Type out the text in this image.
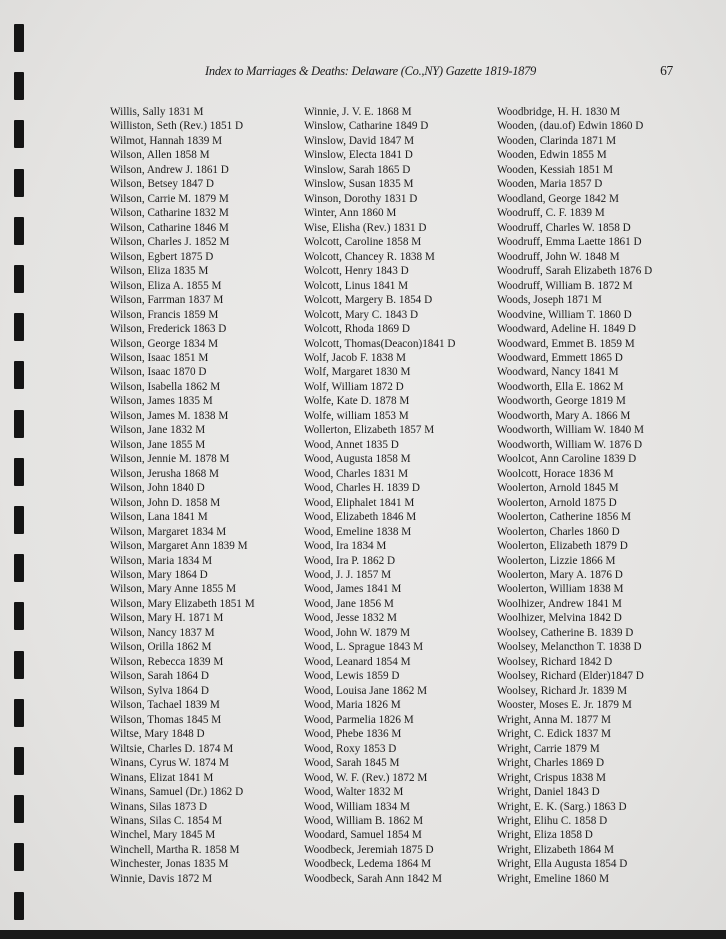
Index to Marriages & Deaths: Delaware (Co.,NY) Gazette 1819-1879	67
Willis, Sally 1831 M
Williston, Seth (Rev.) 1851 D
Wilmot, Hannah 1839 M
Wilson, Allen 1858 M
Wilson, Andrew J. 1861 D
Wilson, Betsey 1847 D
Wilson, Carrie M. 1879 M
Wilson, Catharine 1832 M
Wilson, Catharine 1846 M
Wilson, Charles J. 1852 M
Wilson, Egbert 1875 D
Wilson, Eliza 1835 M
Wilson, Eliza A. 1855 M
Wilson, Farrman 1837 M
Wilson, Francis 1859 M
Wilson, Frederick 1863 D
Wilson, George 1834 M
Wilson, Isaac 1851 M
Wilson, Isaac 1870 D
Wilson, Isabella 1862 M
Wilson, James 1835 M
Wilson, James M. 1838 M
Wilson, Jane 1832 M
Wilson, Jane 1855 M
Wilson, Jennie M. 1878 M
Wilson, Jerusha 1868 M
Wilson, John 1840 D
Wilson, John D. 1858 M
Wilson, Lana 1841 M
Wilson, Margaret 1834 M
Wilson, Margaret Ann 1839 M
Wilson, Maria 1834 M
Wilson, Mary 1864 D
Wilson, Mary Anne 1855 M
Wilson, Mary Elizabeth 1851 M
Wilson, Mary H. 1871 M
Wilson, Nancy 1837 M
Wilson, Orilla 1862 M
Wilson, Rebecca 1839 M
Wilson, Sarah 1864 D
Wilson, Sylva 1864 D
Wilson, Tachael 1839 M
Wilson, Thomas 1845 M
Wiltse, Mary 1848 D
Wiltsie, Charles D. 1874 M
Winans, Cyrus W. 1874 M
Winans, Elizat 1841 M
Winans, Samuel (Dr.) 1862 D
Winans, Silas 1873 D
Winans, Silas C. 1854 M
Winchel, Mary 1845 M
Winchell, Martha R. 1858 M
Winchester, Jonas 1835 M
Winnie, Davis 1872 M
Winnie, J. V. E. 1868 M
Winslow, Catharine 1849 D
Winslow, David 1847 M
Winslow, Electa 1841 D
Winslow, Sarah 1865 D
Winslow, Susan 1835 M
Winson, Dorothy 1831 D
Winter, Ann 1860 M
Wise, Elisha (Rev.) 1831 D
Wolcott, Caroline 1858 M
Wolcott, Chancey R. 1838 M
Wolcott, Henry 1843 D
Wolcott, Linus 1841 M
Wolcott, Margery B. 1854 D
Wolcott, Mary C. 1843 D
Wolcott, Rhoda 1869 D
Wolcott, Thomas(Deacon)1841 D
Wolf, Jacob F. 1838 M
Wolf, Margaret 1830 M
Wolf, William 1872 D
Wolfe, Kate D. 1878 M
Wolfe, william 1853 M
Wollerton, Elizabeth 1857 M
Wood, Annet 1835 D
Wood, Augusta 1858 M
Wood, Charles 1831 M
Wood, Charles H. 1839 D
Wood, Eliphalet 1841 M
Wood, Elizabeth 1846 M
Wood, Emeline 1838 M
Wood, Ira 1834 M
Wood, Ira P. 1862 D
Wood, J. J. 1857 M
Wood, James 1841 M
Wood, Jane 1856 M
Wood, Jesse 1832 M
Wood, John W. 1879 M
Wood, L. Sprague 1843 M
Wood, Leanard 1854 M
Wood, Lewis 1859 D
Wood, Louisa Jane 1862 M
Wood, Maria 1826 M
Wood, Parmelia 1826 M
Wood, Phebe 1836 M
Wood, Roxy 1853 D
Wood, Sarah 1845 M
Wood, W. F. (Rev.) 1872 M
Wood, Walter 1832 M
Wood, William 1834 M
Wood, William B. 1862 M
Woodard, Samuel 1854 M
Woodbeck, Jeremiah 1875 D
Woodbeck, Ledema 1864 M
Woodbeck, Sarah Ann 1842 M
Woodbridge, H. H. 1830 M
Wooden, (dau.of) Edwin 1860 D
Wooden, Clarinda 1871 M
Wooden, Edwin 1855 M
Wooden, Kessiah 1851 M
Wooden, Maria 1857 D
Woodland, George 1842 M
Woodruff, C. F. 1839 M
Woodruff, Charles W. 1858 D
Woodruff, Emma Laette 1861 D
Woodruff, John W. 1848 M
Woodruff, Sarah Elizabeth 1876 D
Woodruff, William B. 1872 M
Woods, Joseph 1871 M
Woodvine, William T. 1860 D
Woodward, Adeline H. 1849 D
Woodward, Emmet B. 1859 M
Woodward, Emmett 1865 D
Woodward, Nancy 1841 M
Woodworth, Ella E. 1862 M
Woodworth, George 1819 M
Woodworth, Mary A. 1866 M
Woodworth, William W. 1840 M
Woodworth, William W. 1876 D
Woolcot, Ann Caroline 1839 D
Woolcott, Horace 1836 M
Woolerton, Arnold 1845 M
Woolerton, Arnold 1875 D
Woolerton, Catherine 1856 M
Woolerton, Charles 1860 D
Woolerton, Elizabeth 1879 D
Woolerton, Lizzie 1866 M
Woolerton, Mary A. 1876 D
Woolerton, William 1838 M
Woolhizer, Andrew 1841 M
Woolhizer, Melvina 1842 D
Woolsey, Catherine B. 1839 D
Woolsey, Melancthon T. 1838 D
Woolsey, Richard 1842 D
Woolsey, Richard (Elder)1847 D
Woolsey, Richard Jr. 1839 M
Wooster, Moses E. Jr. 1879 M
Wright, Anna M. 1877 M
Wright, C. Edick 1837 M
Wright, Carrie 1879 M
Wright, Charles 1869 D
Wright, Crispus 1838 M
Wright, Daniel 1843 D
Wright, E. K. (Sarg.) 1863 D
Wright, Elihu C. 1858 D
Wright, Eliza 1858 D
Wright, Elizabeth 1864 M
Wright, Ella Augusta 1854 D
Wright, Emeline 1860 M
